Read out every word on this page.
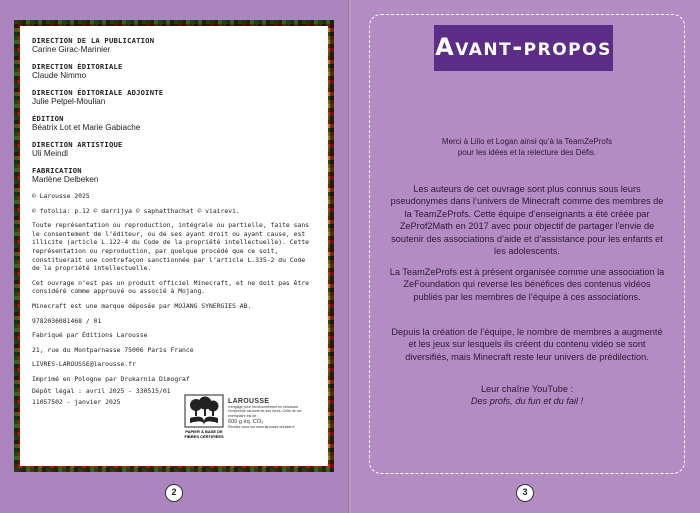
DIRECTION DE LA PUBLICATION

Carine Girac-Marinier

DIRECTION ÉDITORIALE

Claude Nimmo

DIRECTION ÉDITORIALE ADJOINTE

Julie Pelpel-Moulian

ÉDITION

Béatrix Lot et Marie Gabiache

DIRECTION ARTISTIQUE

Uli Meindl

FABRICATION

Marlène Delbeken

© Larousse 2025

© fotolia: p.12 © darrijya © saphatthachat © viairevi.

Toute représentation ou reproduction, intégrale ou partielle, faite sans le consentement de l’éditeur, ou de ses ayant droit ou ayant cause, est illicite (article L.122-4 du Code de la propriété intellectuelle). Cette représentation ou reproduction, par quelque procédé que ce soit, constituerait une contrefaçon sanctionnée par l’article L.335-2 du Code de la propriété intellectuelle.

Cet ouvrage n’est pas un produit officiel Minecraft, et ne doit pas être considéré comme approuvé ou associé à Mojang.

Minecraft est une marque déposée par MOJANG SYNERGIES AB.

9782036081468 / 01

Fabriqué par Éditions Larousse

21, rue du Montparnasse 75006 Paris France

LIVRES-LAROUSSE@larousse.fr

Imprimé en Pologne par Drukarnia Dimograf

Dépôt légal : avril 2025 - 330515/01

11057502 - janvier 2025

PAPIER À BASE DE FIBRES CERTIFIÉES
LAROUSSE
s’engage pour l’environnement en réduisant l’empreinte carbone de ses livres. Celle de cet exemplaire est de :
600 g éq. CO₂
Rendez-vous sur www.larousse-durable.fr
2
Avant-propos

Merci à Lilio et Logan ainsi qu’à la TeamZeProfs

pour les idées et la relecture des Défis.

Les auteurs de cet ouvrage sont plus connus sous leurs pseudonymes dans l’univers de Minecraft comme des membres de la TeamZeProfs. Cette équipe d’enseignants a été créée par ZeProf2Math en 2017 avec pour objectif de partager l’envie de soutenir des associations d’aide et d’assistance pour les enfants et les adolescents.
La TeamZeProfs est à présent organisée comme une association la ZeFoundation qui reverse les bénéfices des contenus vidéos publiés par les membres de l’équipe à ces associations.
Depuis la création de l’équipe, le nombre de membres a augmenté et les jeux sur lesquels ils créent du contenu vidéo se sont diversifiés, mais Minecraft reste leur univers de prédilection.

Leur chaîne YouTube :

Des profs, du fun et du fail !

3
